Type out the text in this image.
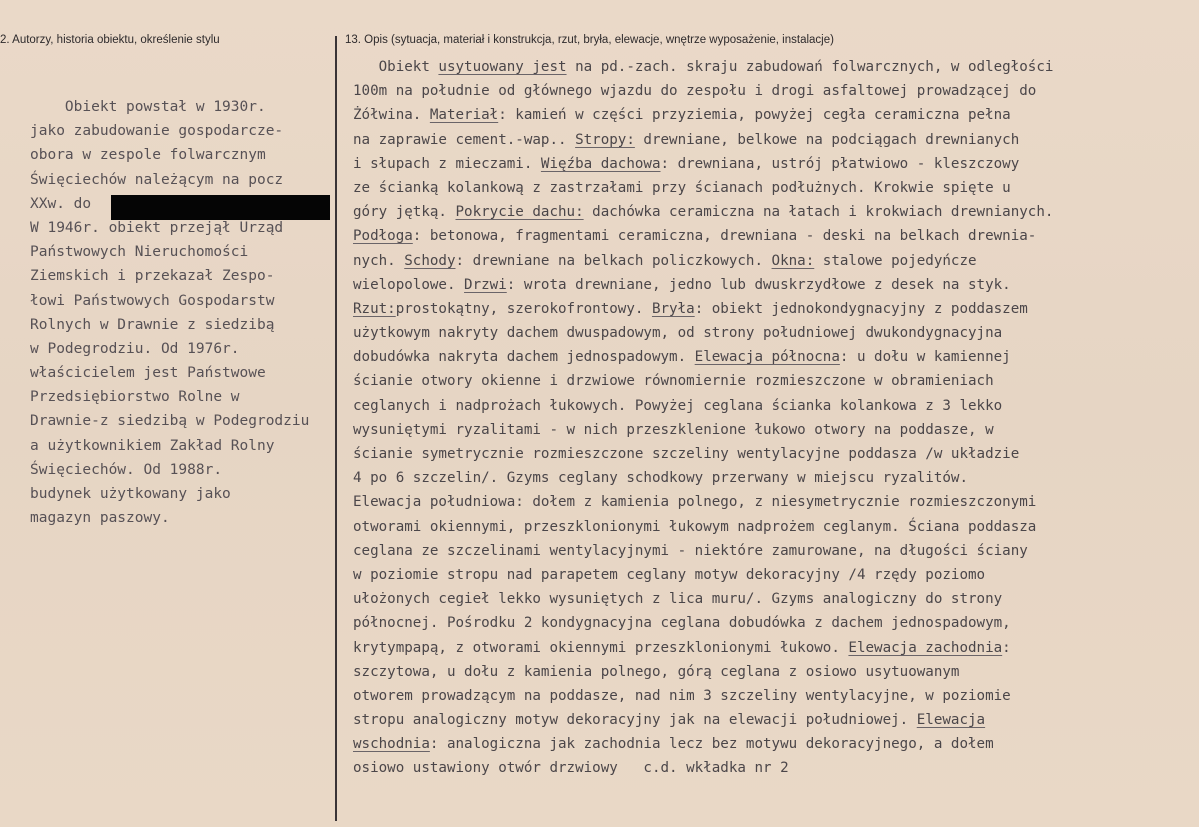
2. Autorzy, historia obiektu, określenie stylu	13. Opis (sytuacja, materiał i konstrukcja, rzut, bryła, elewacje, wnętrze wyposażenie, instalacje)
Obiekt powstał w 1930r.
jako zabudowanie gospodarcze-
obora w zespole folwarcznym
Święciechów należącym na pocz
XXw. do
W 1946r. obiekt przejął Urząd
Państwowych Nieruchomości
Ziemskich i przekazał Zespo-
łowi Państwowych Gospodarstw
Rolnych w Drawnie z siedzibą
w Podegrodziu. Od 1976r.
właścicielem jest Państwowe
Przedsiębiorstwo Rolne w
Drawnie-z siedzibą w Podegrodziu
a użytkownikiem Zakład Rolny
Święciechów. Od 1988r.
budynek użytkowany jako
magazyn paszowy.
Obiekt usytuowany jest na pd.-zach. skraju zabudowań folwarcznych, w odległości
100m na południe od głównego wjazdu do zespołu i drogi asfaltowej prowadzącej do
Żółwina. Materiał: kamień w części przyziemia, powyżej cegła ceramiczna pełna
na zaprawie cement.-wap.. Stropy: drewniane, belkowe na podciągach drewnianych
i słupach z mieczami. Więźba dachowa: drewniana, ustrój płatwiowo - kleszczowy
ze ścianką kolankową z zastrzałami przy ścianach podłużnych. Krokwie spięte u
góry jętką. Pokrycie dachu: dachówka ceramiczna na łatach i krokwiach drewnianych.
Podłoga: betonowa, fragmentami ceramiczna, drewniana - deski na belkach drewnia-
nych. Schody: drewniane na belkach policzkowych. Okna: stalowe pojedyńcze
wielopolowe. Drzwi: wrota drewniane, jedno lub dwuskrzydłowe z desek na styk.
Rzut:prostokątny, szerokofrontowy. Bryła: obiekt jednokondygnacyjny z poddaszem
użytkowym nakryty dachem dwuspadowym, od strony południowej dwukondygnacyjna
dobudówka nakryta dachem jednospadowym. Elewacja północna: u dołu w kamiennej
ścianie otwory okienne i drzwiowe równomiernie rozmieszczone w obramieniach
ceglanych i nadprożach łukowych. Powyżej ceglana ścianka kolankowa z 3 lekko
wysuniętymi ryzalitami - w nich przeszklenione łukowo otwory na poddasze, w
ścianie symetrycznie rozmieszczone szczeliny wentylacyjne poddasza /w układzie
4 po 6 szczelin/. Gzyms ceglany schodkowy przerwany w miejscu ryzalitów.
Elewacja południowa: dołem z kamienia polnego, z niesymetrycznie rozmieszczonymi
otworami okiennymi, przeszklonionymi łukowym nadprożem ceglanym. Ściana poddasza
ceglana ze szczelinami wentylacyjnymi - niektóre zamurowane, na długości ściany
w poziomie stropu nad parapetem ceglany motyw dekoracyjny /4 rzędy poziomo
ułożonych cegieł lekko wysuniętych z lica muru/. Gzyms analogiczny do strony
północnej. Pośrodku 2 kondygnacyjna ceglana dobudówka z dachem jednospadowym,
krytympapą, z otworami okiennymi przeszklonionymi łukowo. Elewacja zachodnia:
szczytowa, u dołu z kamienia polnego, górą ceglana z osiowo usytuowanym
otworem prowadzącym na poddasze, nad nim 3 szczeliny wentylacyjne, w poziomie
stropu analogiczny motyw dekoracyjny jak na elewacji południowej. Elewacja
wschodnia: analogiczna jak zachodnia lecz bez motywu dekoracyjnego, a dołem
osiowo ustawiony otwór drzwiowy   c.d. wkładka nr 2
